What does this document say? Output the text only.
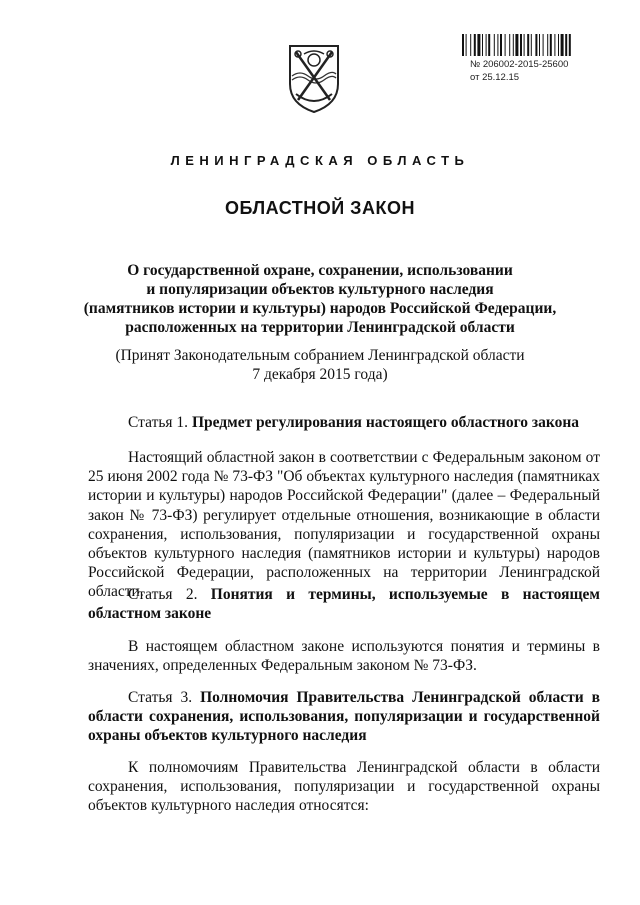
№ 206002-2015-25600
от 25.12.15
ЛЕНИНГРАДСКАЯ ОБЛАСТЬ
ОБЛАСТНОЙ ЗАКОН
О государственной охране, сохранении, использовании
и популяризации объектов культурного наследия
(памятников истории и культуры) народов Российской Федерации,
расположенных на территории Ленинградской области
(Принят Законодательным собранием Ленинградской области
7 декабря 2015 года)
Статья 1. Предмет регулирования настоящего областного закона
Настоящий областной закон в соответствии с Федеральным законом от 25 июня 2002 года № 73-ФЗ "Об объектах культурного наследия (памятниках истории и культуры) народов Российской Федерации" (далее – Федеральный закон № 73-ФЗ) регулирует отдельные отношения, возникающие в области сохранения, использования, популяризации и государственной охраны объектов культурного наследия (памятников истории и культуры) народов Российской Федерации, расположенных на территории Ленинградской области.
Статья 2. Понятия и термины, используемые в настоящем областном законе
В настоящем областном законе используются понятия и термины в значениях, определенных Федеральным законом № 73-ФЗ.
Статья 3. Полномочия Правительства Ленинградской области в области сохранения, использования, популяризации и государственной охраны объектов культурного наследия
К полномочиям Правительства Ленинградской области в области сохранения, использования, популяризации и государственной охраны объектов культурного наследия относятся:
